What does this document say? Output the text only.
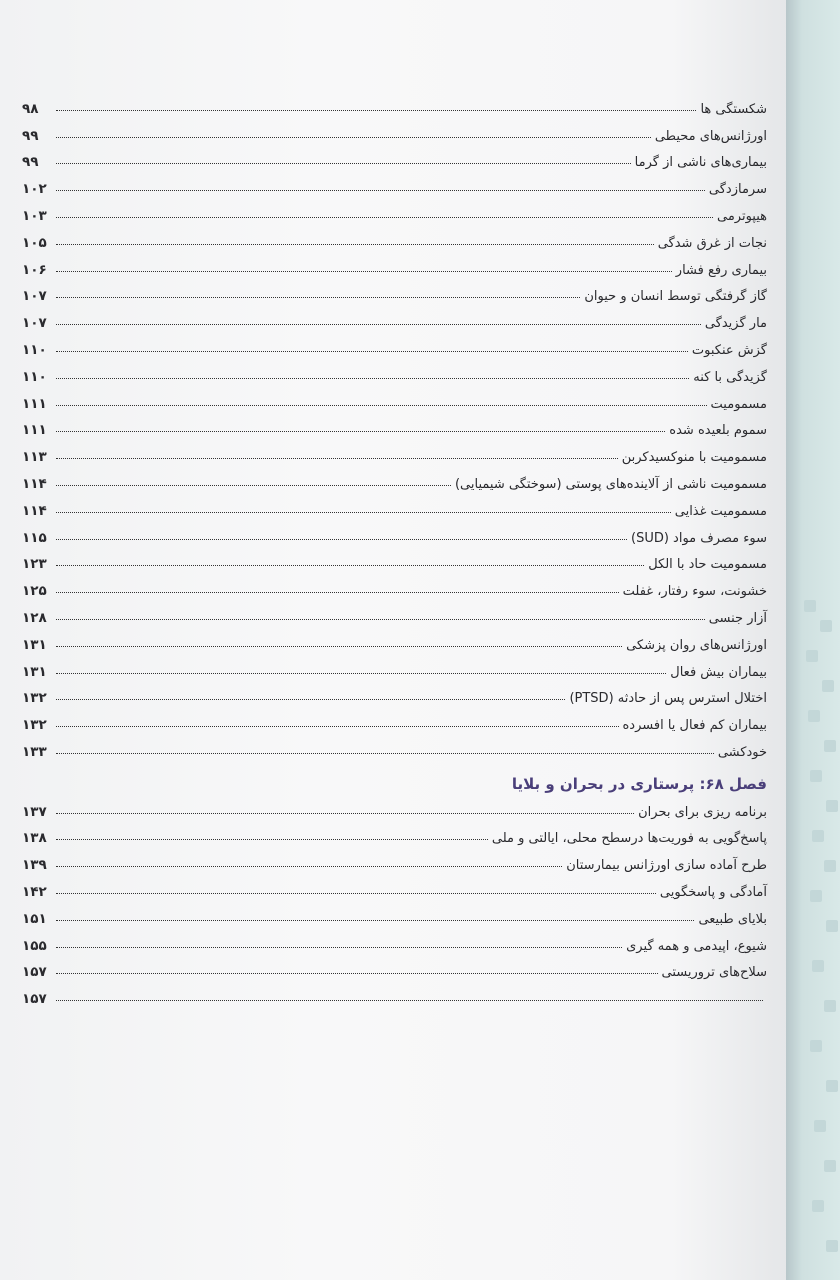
شکستگی ها
۹۸
اورژانس‌های محیطی
۹۹
بیماری‌های ناشی از گرما
۹۹
سرمازدگی
۱۰۲
هیپوترمی
۱۰۳
نجات از غرق شدگی
۱۰۵
بیماری رفع فشار
۱۰۶
گاز گرفتگی توسط انسان و حیوان
۱۰۷
مار گزیدگی
۱۰۷
گزش عنکبوت
۱۱۰
گزیدگی با کنه
۱۱۰
مسمومیت
۱۱۱
سموم بلعیده شده
۱۱۱
مسمومیت با منوکسیدکربن
۱۱۳
مسمومیت ناشی از آلاینده‌های پوستی (سوختگی شیمیایی)
۱۱۴
مسمومیت غذایی
۱۱۴
سوء مصرف مواد (SUD)
۱۱۵
مسمومیت حاد با الکل
۱۲۳
خشونت، سوء رفتار، غفلت
۱۲۵
آزار جنسی
۱۲۸
اورژانس‌های روان پزشکی
۱۳۱
بیماران بیش فعال
۱۳۱
اختلال استرس پس از حادثه (PTSD)
۱۳۲
بیماران کم فعال یا افسرده
۱۳۲
خودکشی
۱۳۳
فصل ۶۸: پرستاری در بحران و بلایا
برنامه ریزی برای بحران
۱۳۷
پاسخ‌گویی به فوریت‌ها درسطح محلی، ایالتی و ملی
۱۳۸
طرح آماده سازی اورژانس بیمارستان
۱۳۹
آمادگی و پاسخگویی
۱۴۲
بلایای طبیعی
۱۵۱
شیوع، اپیدمی و همه گیری
۱۵۵
سلاح‌های تروریستی
۱۵۷
۱۵۷
